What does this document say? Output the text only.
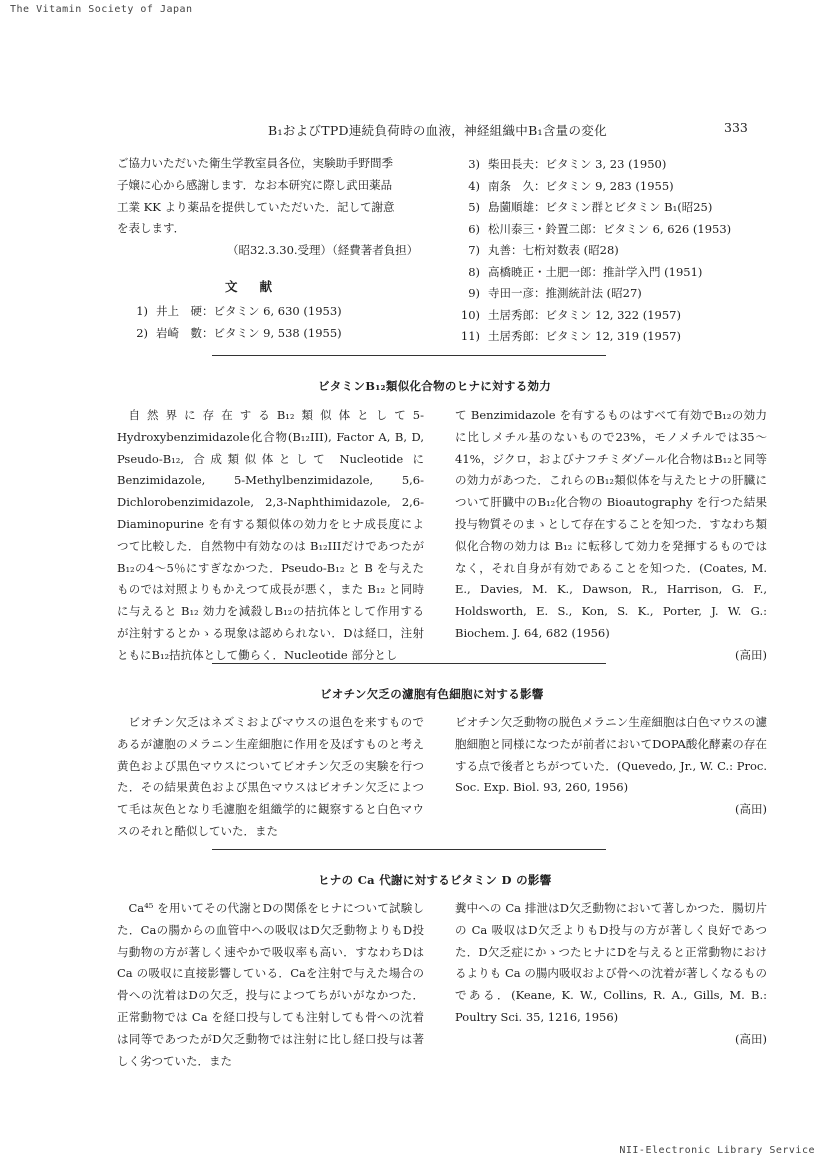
The Vitamin Society of Japan
B₁およびTPD連続負荷時の血液，神経組織中B₁含量の変化	333

ご協力いただいた衛生学教室員各位，実験助手野間季

子嬢に心から感謝します．なお本研究に際し武田薬品

工業 KK より薬品を提供していただいた．記して謝意

を表します．

（昭32.3.30.受理）（経費著者負担）

文献
1) 井上　硬：ビタミン 6, 630 (1953)
2) 岩崎　數：ビタミン 9, 538 (1955)
3) 柴田長夫：ビタミン 3, 23 (1950)
4) 南条　久：ビタミン 9, 283 (1955)
5) 島薗順雄：ビタミン群とビタミン B₁(昭25)
6) 松川泰三・鈴置二郎：ビタミン 6, 626 (1953)
7) 丸善：七桁対数表 (昭28)
8) 高橋暁正・土肥一郎：推計学入門 (1951)
9) 寺田一彦：推測統計法 (昭27)
10) 土居秀郎：ビタミン 12, 322 (1957)
11) 土居秀郎：ビタミン 12, 319 (1957)
ビタミンB₁₂類似化合物のヒナに対する効力

自然界に存在するB₁₂類似体として5-Hydroxybenzimidazole化合物(B₁₂III), Factor A, B, D, Pseudo-B₁₂, 合成類似体として Nucleotide に Benzimidazole, 5-Methylbenzimidazole, 5,6-Dichlorobenzimidazole, 2,3-Naphthimidazole, 2,6-Diaminopurine を有する類似体の効力をヒナ成長度によつて比較した．自然物中有効なのは B₁₂IIIだけであつたがB₁₂の4～5％にすぎなかつた．Pseudo-B₁₂ と B を与えたものでは対照よりもかえつて成長が悪く，また B₁₂ と同時に与えると B₁₂ 効力を減殺しB₁₂の拮抗体として作用するが注射するとかゝる現象は認められない．Dは経口，注射ともにB₁₂拮抗体として働らく．Nucleotide 部分とし

て Benzimidazole を有するものはすべて有効でB₁₂の効力に比しメチル基のないもので23%，モノメチルでは35～41%，ジクロ，およびナフチミダゾール化合物はB₁₂と同等の効力があつた．これらのB₁₂類似体を与えたヒナの肝臓について肝臓中のB₁₂化合物の Bioautography を行つた結果投与物質そのまゝとして存在することを知つた．すなわち類似化合物の効力は B₁₂ に転移して効力を発揮するものではなく，それ自身が有効であることを知つた．(Coates, M. E., Davies, M. K., Dawson, R., Harrison, G. F., Holdsworth, E. S., Kon, S. K., Porter, J. W. G.: Biochem. J. 64, 682 (1956)

(高田)
ビオチン欠乏の濾胞有色細胞に対する影響

ビオチン欠乏はネズミおよびマウスの退色を来すものであるが濾胞のメラニン生産細胞に作用を及ぼすものと考え黄色および黒色マウスについてビオチン欠乏の実験を行つた．その結果黄色および黒色マウスはビオチン欠乏によつて毛は灰色となり毛濾胞を組織学的に観察すると白色マウスのそれと酷似していた．また

ビオチン欠乏動物の脱色メラニン生産細胞は白色マウスの濾胞細胞と同様になつたが前者においてDOPA酸化酵素の存在する点で後者とちがつていた．(Quevedo, Jr., W. C.: Proc. Soc. Exp. Biol. 93, 260, 1956)

(高田)
ヒナの Ca 代謝に対するビタミン D の影響

Ca⁴⁵ を用いてその代謝とDの関係をヒナについて試験した．Caの腸からの血管中への吸収はD欠乏動物よりもD投与動物の方が著しく速やかで吸収率も高い．すなわちDは Ca の吸収に直接影響している．Caを注射で与えた場合の骨への沈着はDの欠乏，投与によつてちがいがなかつた．正常動物では Ca を経口投与しても注射しても骨への沈着は同等であつたがD欠乏動物では注射に比し経口投与は著しく劣つていた．また

糞中への Ca 排泄はD欠乏動物において著しかつた．腸切片の Ca 吸収はD欠乏よりもD投与の方が著しく良好であつた．D欠乏症にかゝつたヒナにDを与えると正常動物におけるよりも Ca の腸内吸収および骨への沈着が著しくなるものである．(Keane, K. W., Collins, R. A., Gills, M. B.: Poultry Sci. 35, 1216, 1956)

(高田)
NII-Electronic Library Service
